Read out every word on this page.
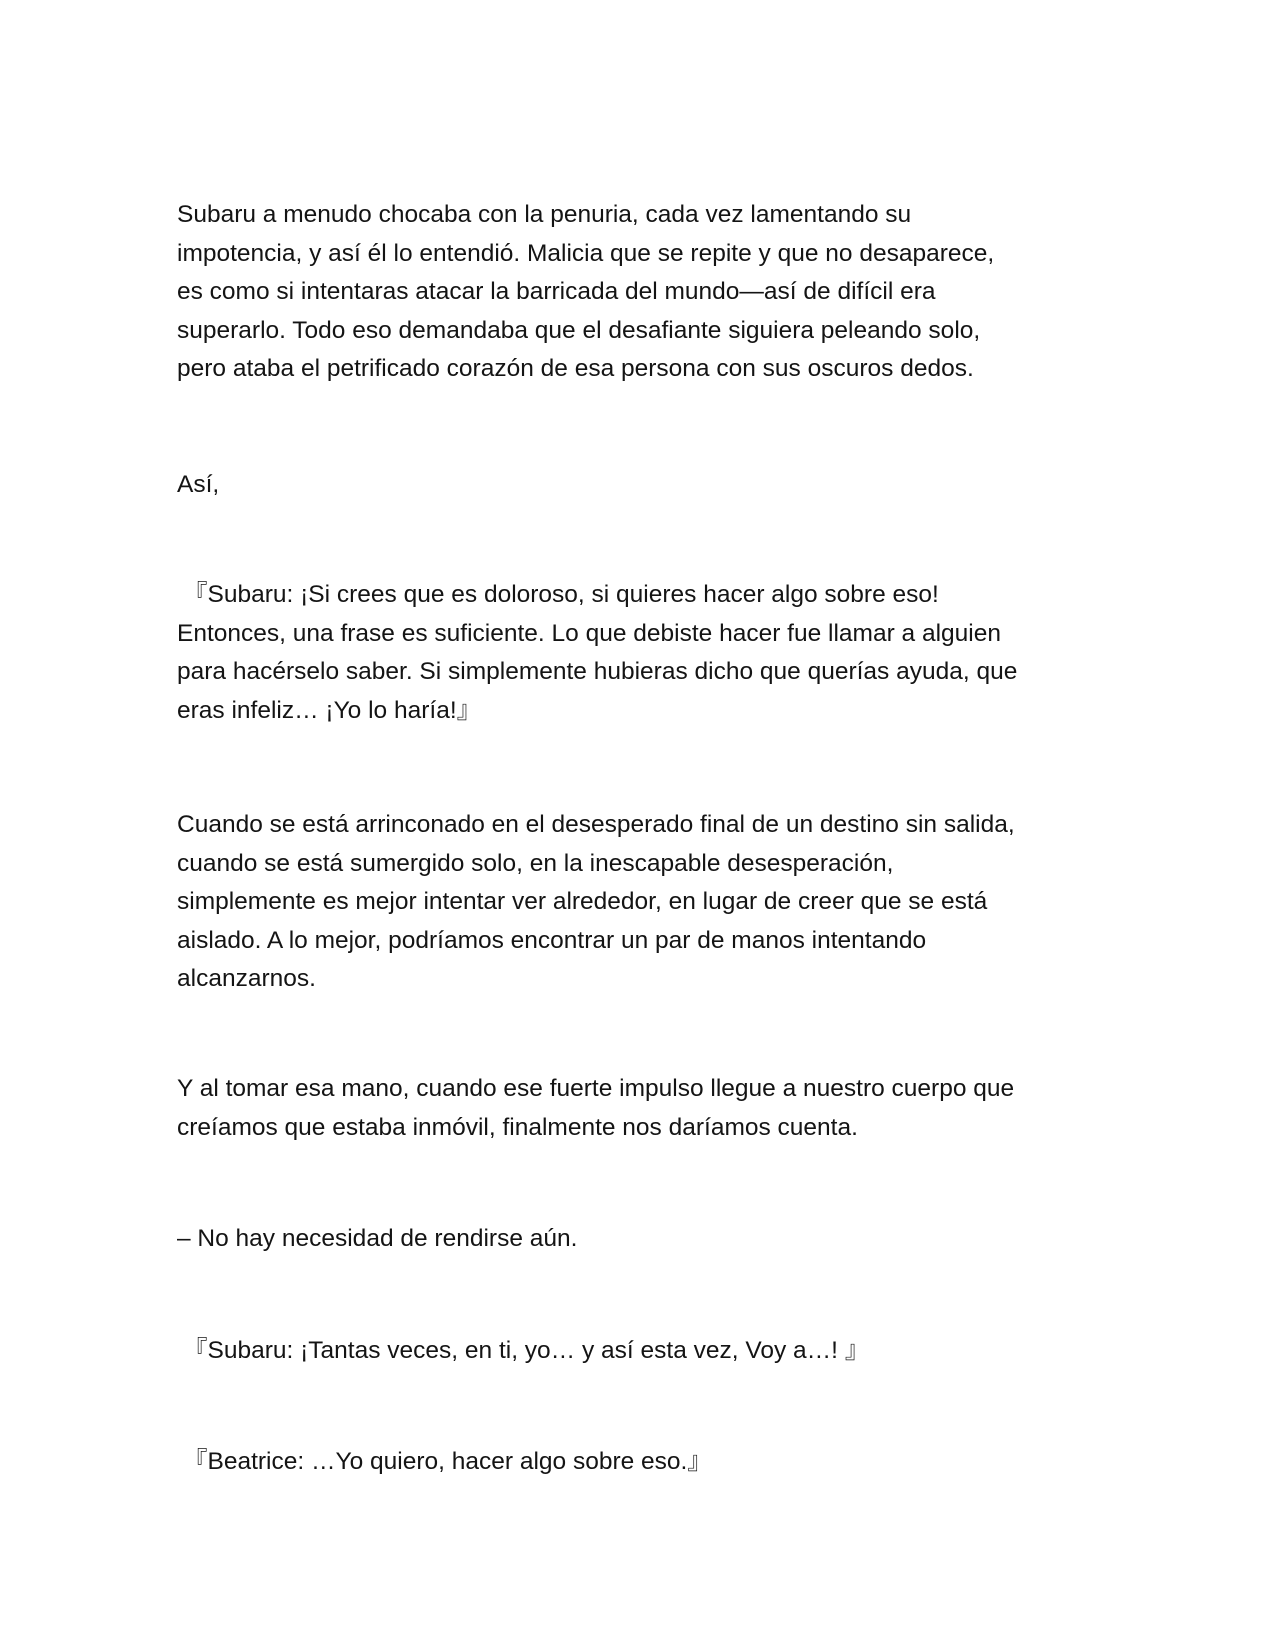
Subaru a menudo chocaba con la penuria, cada vez lamentando su
impotencia, y así él lo entendió. Malicia que se repite y que no desaparece,
es como si intentaras atacar la barricada del mundo—así de difícil era
superarlo. Todo eso demandaba que el desafiante siguiera peleando solo,
pero ataba el petrificado corazón de esa persona con sus oscuros dedos.

Así,

『Subaru: ¡Si crees que es doloroso, si quieres hacer algo sobre eso!
Entonces, una frase es suficiente. Lo que debiste hacer fue llamar a alguien
para hacérselo saber. Si simplemente hubieras dicho que querías ayuda, que
eras infeliz… ¡Yo lo haría!』

Cuando se está arrinconado en el desesperado final de un destino sin salida,
cuando se está sumergido solo, en la inescapable desesperación,
simplemente es mejor intentar ver alrededor, en lugar de creer que se está
aislado. A lo mejor, podríamos encontrar un par de manos intentando
alcanzarnos.

Y al tomar esa mano, cuando ese fuerte impulso llegue a nuestro cuerpo que
creíamos que estaba inmóvil, finalmente nos daríamos cuenta.

– No hay necesidad de rendirse aún.

『Subaru: ¡Tantas veces, en ti, yo… y así esta vez, Voy a…! 』

『Beatrice: …Yo quiero, hacer algo sobre eso.』
